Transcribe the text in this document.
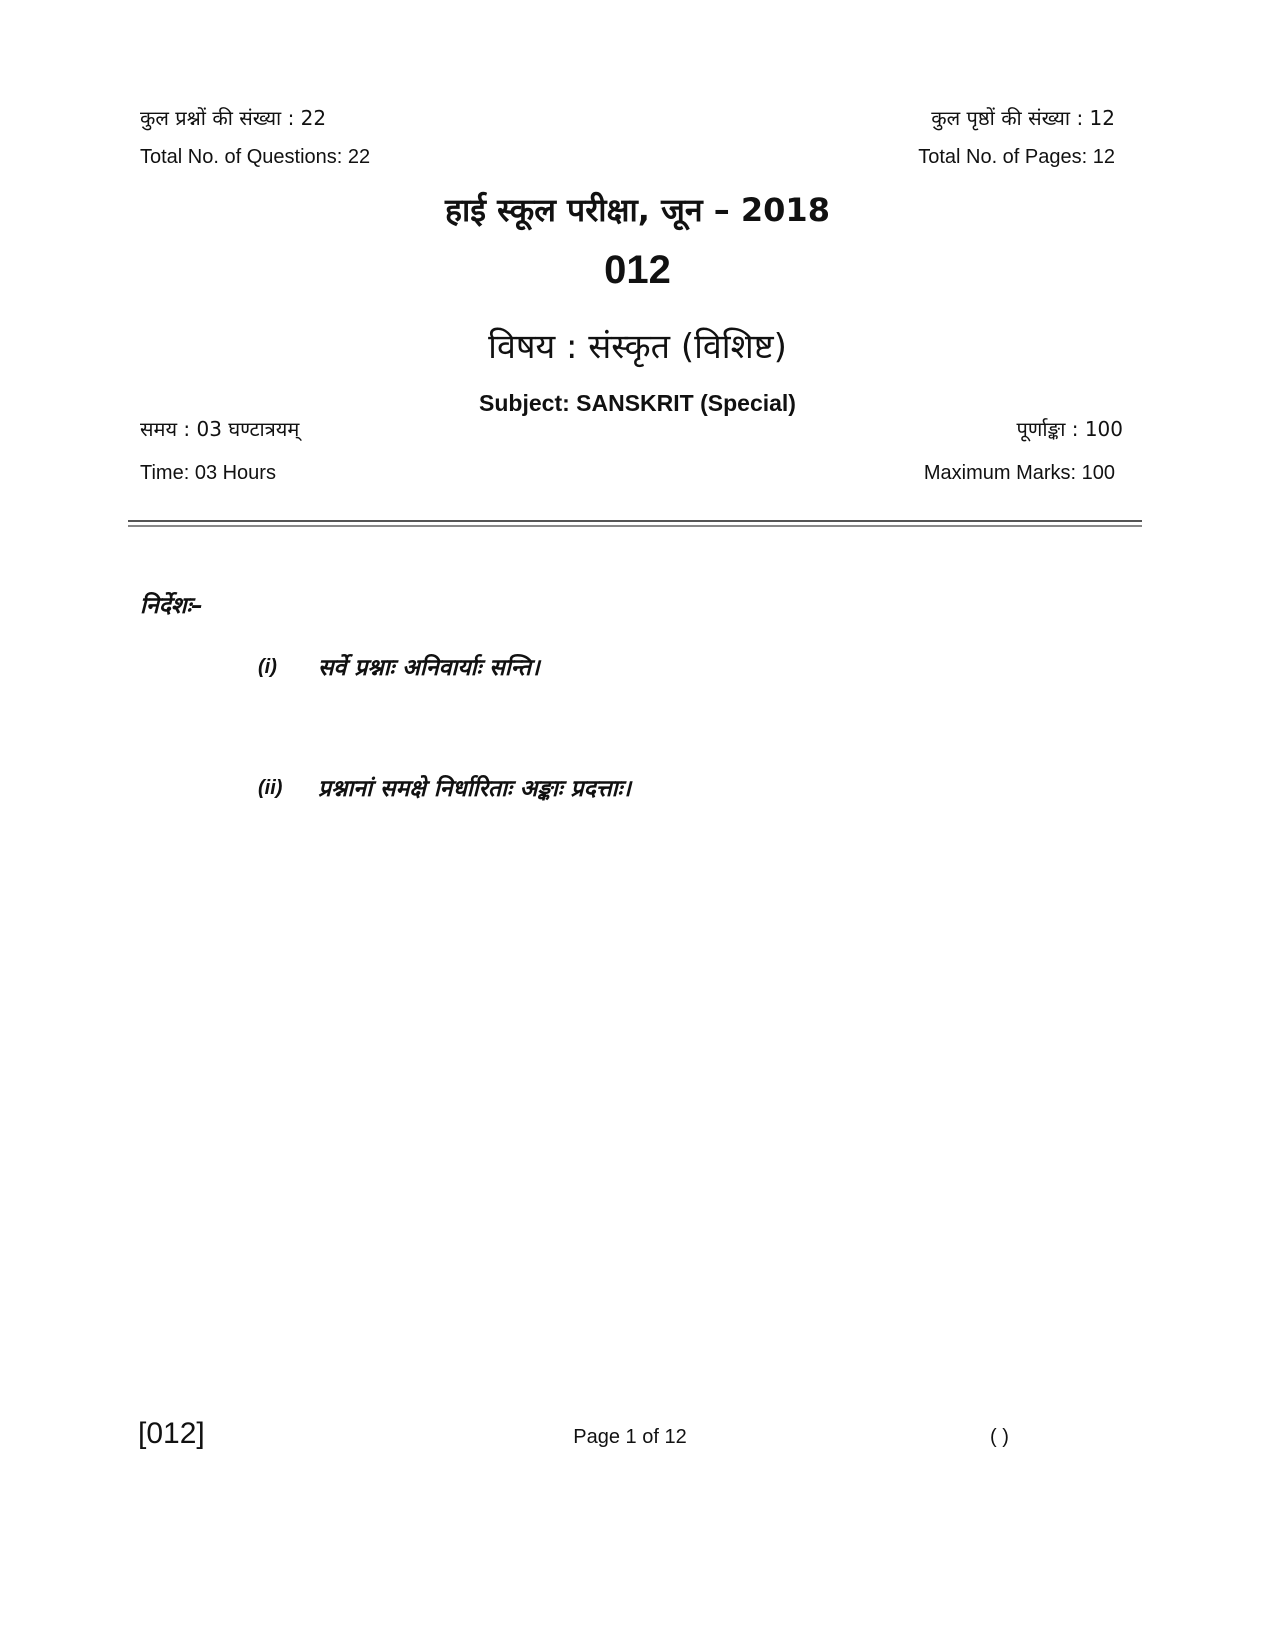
कुल प्रश्नों की संख्या : 22	कुल पृष्ठों की संख्या : 12
Total No. of Questions: 22	Total No. of Pages: 12
हाई स्कूल परीक्षा, जून – 2018
012
विषय : संस्कृत (विशिष्ट)
Subject: SANSKRIT (Special)
समय : 03 घण्टात्रयम्	पूर्णाङ्का : 100
Time: 03 Hours	Maximum Marks: 100
निर्देशः–
(i) सर्वे प्रश्नाः अनिवार्याः सन्ति।
(ii) प्रश्नानां समक्षे निर्धारिताः अङ्काः प्रदत्ताः।
[012]	Page 1 of 12	( )
